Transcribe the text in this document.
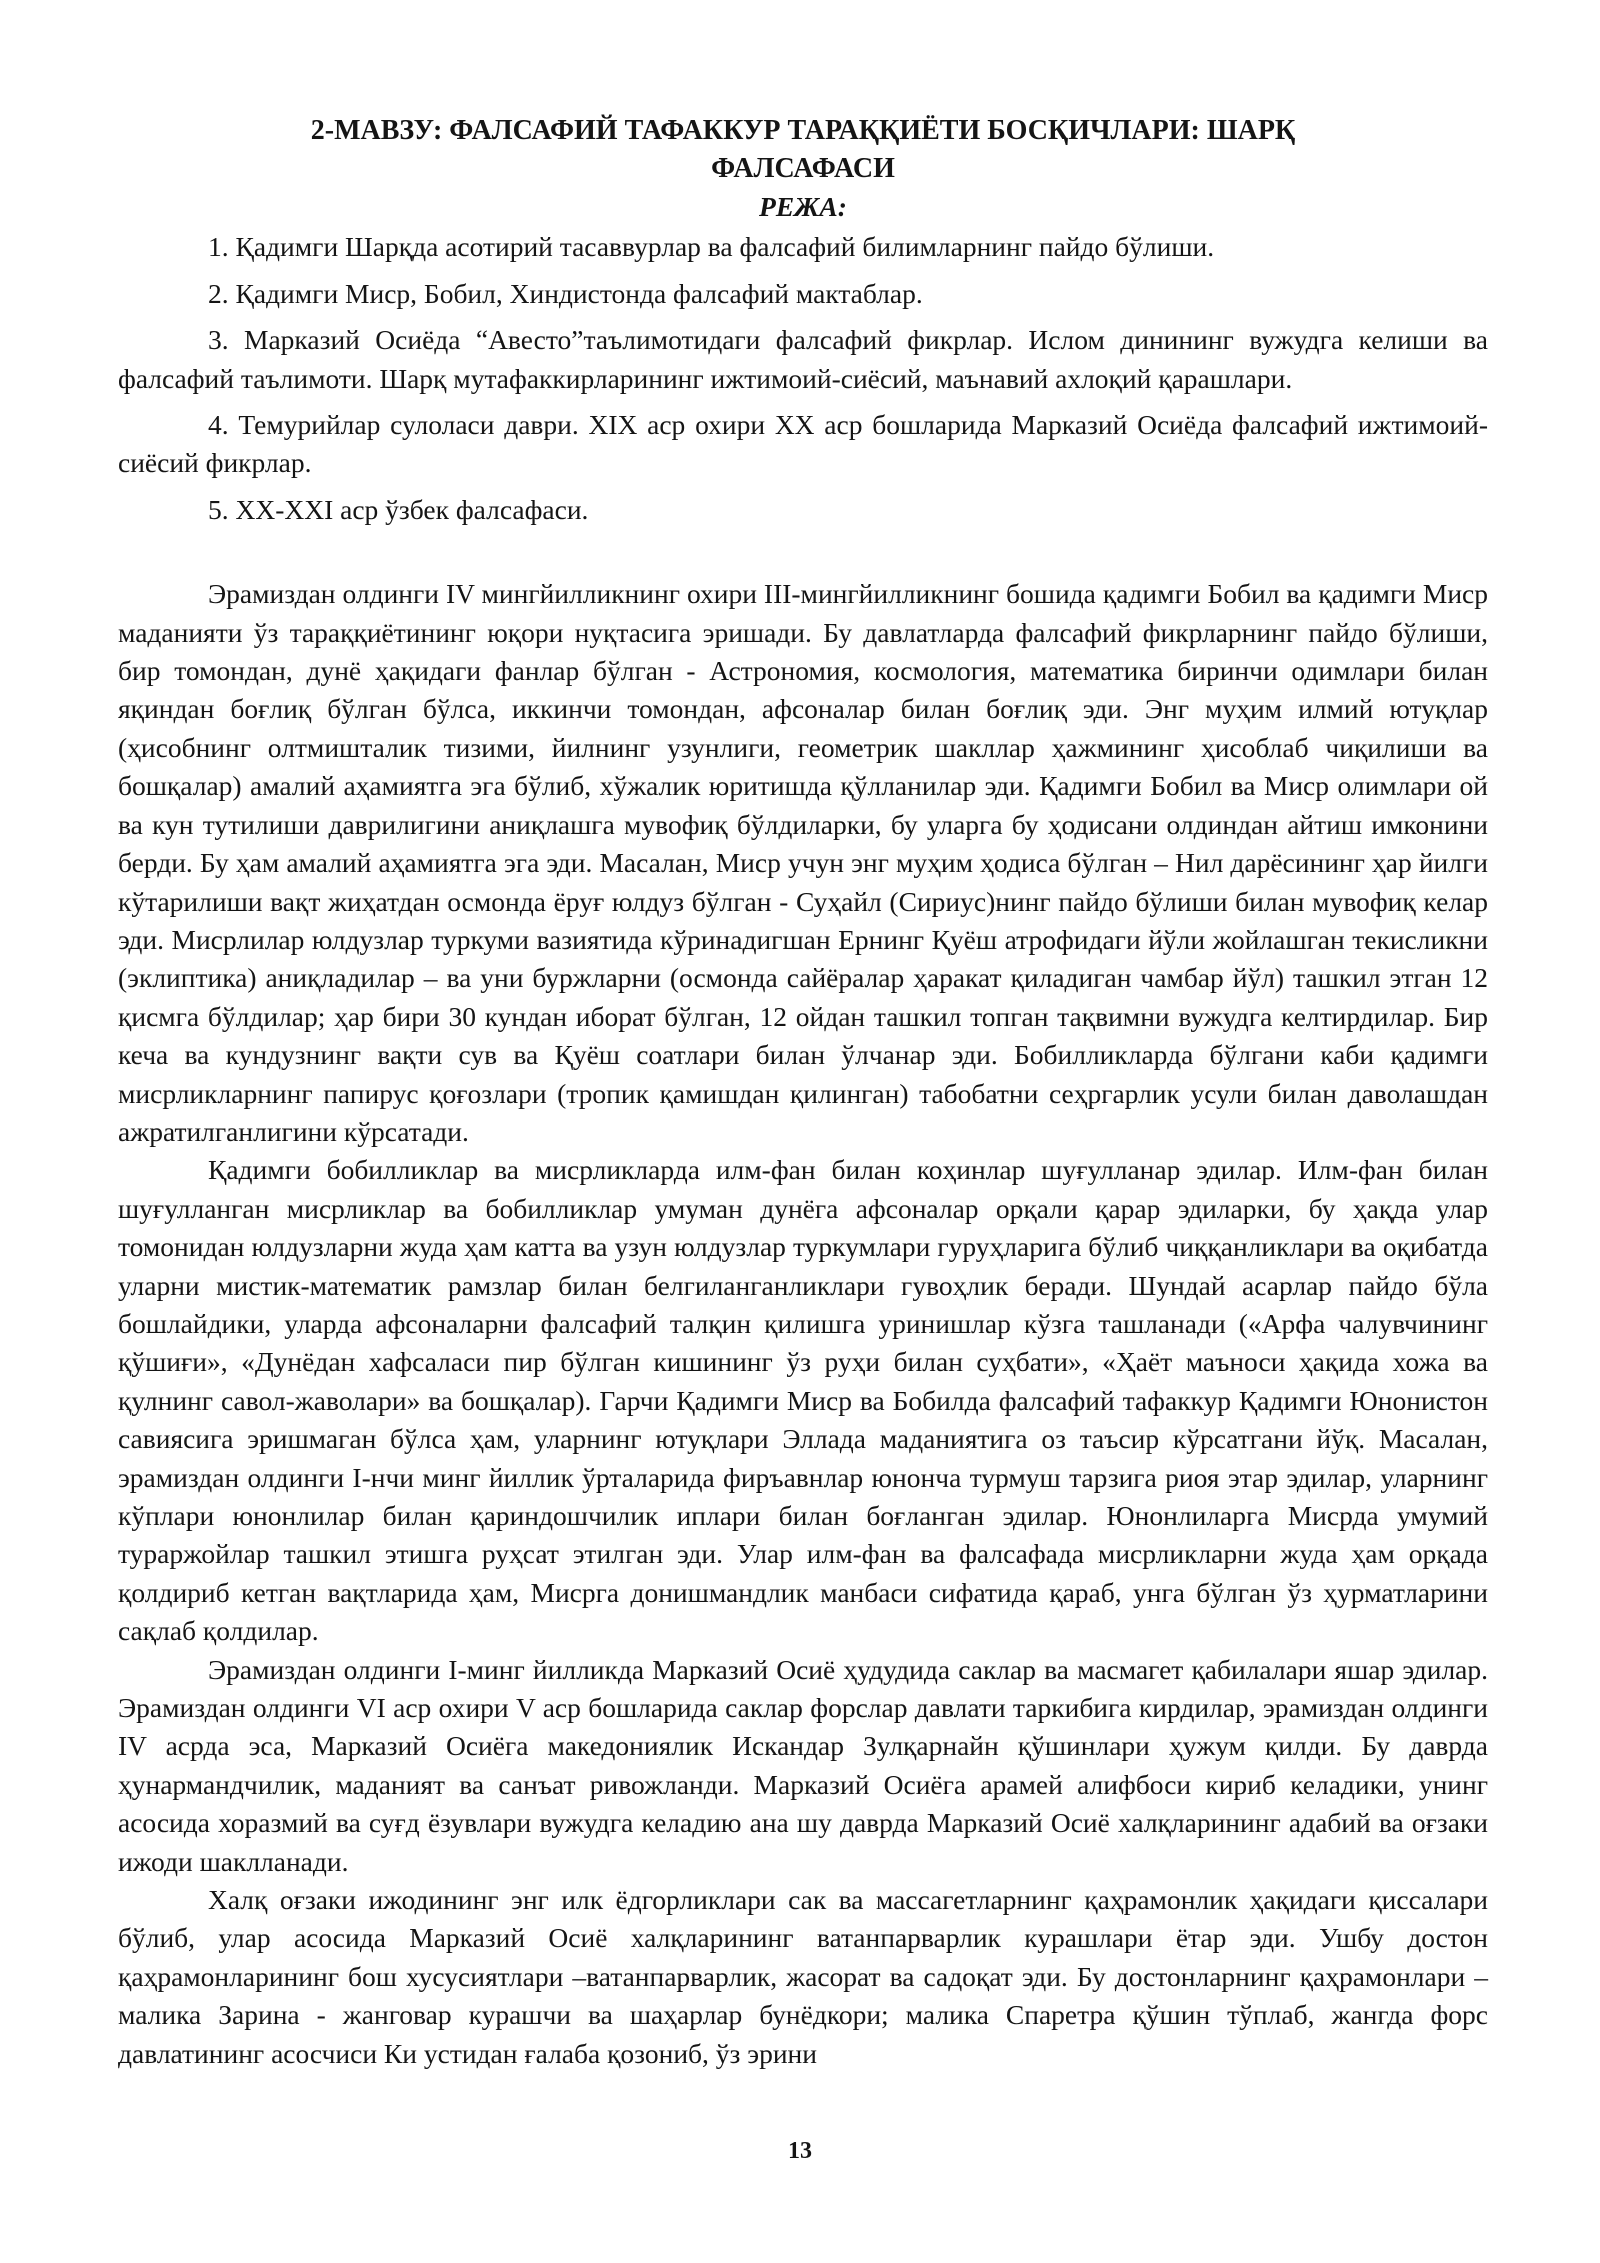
2-МАВЗУ: ФАЛСАФИЙ ТАФАККУР ТАРАҚҚИЁТИ БОСҚИЧЛАРИ: ШАРҚ
ФАЛСАФАСИ
РЕЖА:
1. Қадимги Шарқда асотирий тасаввурлар ва фалсафий билимларнинг пайдо бўлиши.
2. Қадимги Миср, Бобил, Хиндистонда фалсафий мактаблар.
3. Марказий Осиёда “Авесто”таълимотидаги фалсафий фикрлар. Ислом динининг вужудга келиши ва фалсафий таълимоти. Шарқ мутафаккирларининг ижтимоий-сиёсий, маънавий ахлоқий қарашлари.
4. Темурийлар сулоласи даври. XIX аср охири XX аср бошларида Марказий Осиёда фалсафий ижтимоий-сиёсий фикрлар.
5. XX-XXI аср ўзбек фалсафаси.

Эрамиздан олдинги IV мингйилликнинг охири III-мингйилликнинг бошида қадимги Бобил ва қадимги Миср маданияти ўз тараққиётининг юқори нуқтасига эришади. Бу давлатларда фалсафий фикрларнинг пайдо бўлиши, бир томондан, дунё ҳақидаги фанлар бўлган - Астрономия, космология, математика биринчи одимлари билан яқиндан боғлиқ бўлган бўлса, иккинчи томондан, афсоналар билан боғлиқ эди. Энг муҳим илмий ютуқлар (ҳисобнинг олтмишталик тизими, йилнинг узунлиги, геометрик шакллар ҳажмининг ҳисоблаб чиқилиши ва бошқалар) амалий аҳамиятга эга бўлиб, хўжалик юритишда қўлланилар эди. Қадимги Бобил ва Миср олимлари ой ва кун тутилиши даврилигини аниқлашга мувофиқ бўлдиларки, бу уларга бу ҳодисани олдиндан айтиш имконини берди. Бу ҳам амалий аҳамиятга эга эди. Масалан, Миср учун энг муҳим ҳодиса бўлган – Нил дарёсининг ҳар йилги кўтарилиши вақт жиҳатдан осмонда ёруғ юлдуз бўлган - Суҳайл (Сириус)нинг пайдо бўлиши билан мувофиқ келар эди. Мисрлилар юлдузлар туркуми вазиятида кўринадигшан Ернинг Қуёш атрофидаги йўли жойлашган текисликни (эклиптика) аниқладилар – ва уни буржларни (осмонда сайёралар ҳаракат қиладиган чамбар йўл) ташкил этган 12 қисмга бўлдилар; ҳар бири 30 кундан иборат бўлган, 12 ойдан ташкил топган тақвимни вужудга келтирдилар. Бир кеча ва кундузнинг вақти сув ва Қуёш соатлари билан ўлчанар эди. Бобилликларда бўлгани каби қадимги мисрликларнинг папирус қоғозлари (тропик қамишдан қилинган) табобатни сеҳргарлик усули билан даволашдан ажратилганлигини кўрсатади.

Қадимги бобилликлар ва мисрликларда илм-фан билан коҳинлар шуғулланар эдилар. Илм-фан билан шуғулланган мисрликлар ва бобилликлар умуман дунёга афсоналар орқали қарар эдиларки, бу ҳақда улар томонидан юлдузларни жуда ҳам катта ва узун юлдузлар туркумлари гуруҳларига бўлиб чиққанликлари ва оқибатда уларни мистик-математик рамзлар билан белгиланганликлари гувоҳлик беради. Шундай асарлар пайдо бўла бошлайдики, уларда афсоналарни фалсафий талқин қилишга уринишлар кўзга ташланади («Арфа чалувчининг қўшиғи», «Дунёдан хафсаласи пир бўлган кишининг ўз руҳи билан суҳбати», «Ҳаёт маъноси ҳақида хожа ва қулнинг савол-жаволари» ва бошқалар). Гарчи Қадимги Миср ва Бобилда фалсафий тафаккур Қадимги Юнонистон савиясига эришмаган бўлса ҳам, уларнинг ютуқлари Эллада маданиятига оз таъсир кўрсатгани йўқ. Масалан, эрамиздан олдинги I-нчи минг йиллик ўрталарида фиръавнлар юнонча турмуш тарзига риоя этар эдилар, уларнинг кўплари юнонлилар билан қариндошчилик иплари билан боғланган эдилар. Юнонлиларга Мисрда умумий тураржойлар ташкил этишга руҳсат этилган эди. Улар илм-фан ва фалсафада мисрликларни жуда ҳам орқада қолдириб кетган вақтларида ҳам, Мисрга донишмандлик манбаси сифатида қараб, унга бўлган ўз ҳурматларини сақлаб қолдилар.

Эрамиздан олдинги I-минг йилликда Марказий Осиё ҳудудида саклар ва масмагет қабилалари яшар эдилар. Эрамиздан олдинги VI аср охири V аср бошларида саклар форслар давлати таркибига кирдилар, эрамиздан олдинги IV асрда эса, Марказий Осиёга македониялик Искандар Зулқарнайн қўшинлари ҳужум қилди. Бу даврда ҳунармандчилик, маданият ва санъат ривожланди. Марказий Осиёга арамей алифбоси кириб келадики, унинг асосида хоразмий ва суғд ёзувлари вужудга келадию ана шу даврда Марказий Осиё халқларининг адабий ва оғзаки ижоди шаклланади.

Халқ оғзаки ижодининг энг илк ёдгорликлари сак ва массагетларнинг қаҳрамонлик ҳақидаги қиссалари бўлиб, улар асосида Марказий Осиё халқларининг ватанпарварлик курашлари ётар эди. Ушбу достон қаҳрамонларининг бош хусусиятлари –ватанпарварлик, жасорат ва садоқат эди. Бу достонларнинг қаҳрамонлари – малика Зарина - жанговар курашчи ва шаҳарлар бунёдкори; малика Спаретра қўшин тўплаб, жангда форс давлатининг асосчиси Ки устидан ғалаба қозониб, ўз эрини

13
